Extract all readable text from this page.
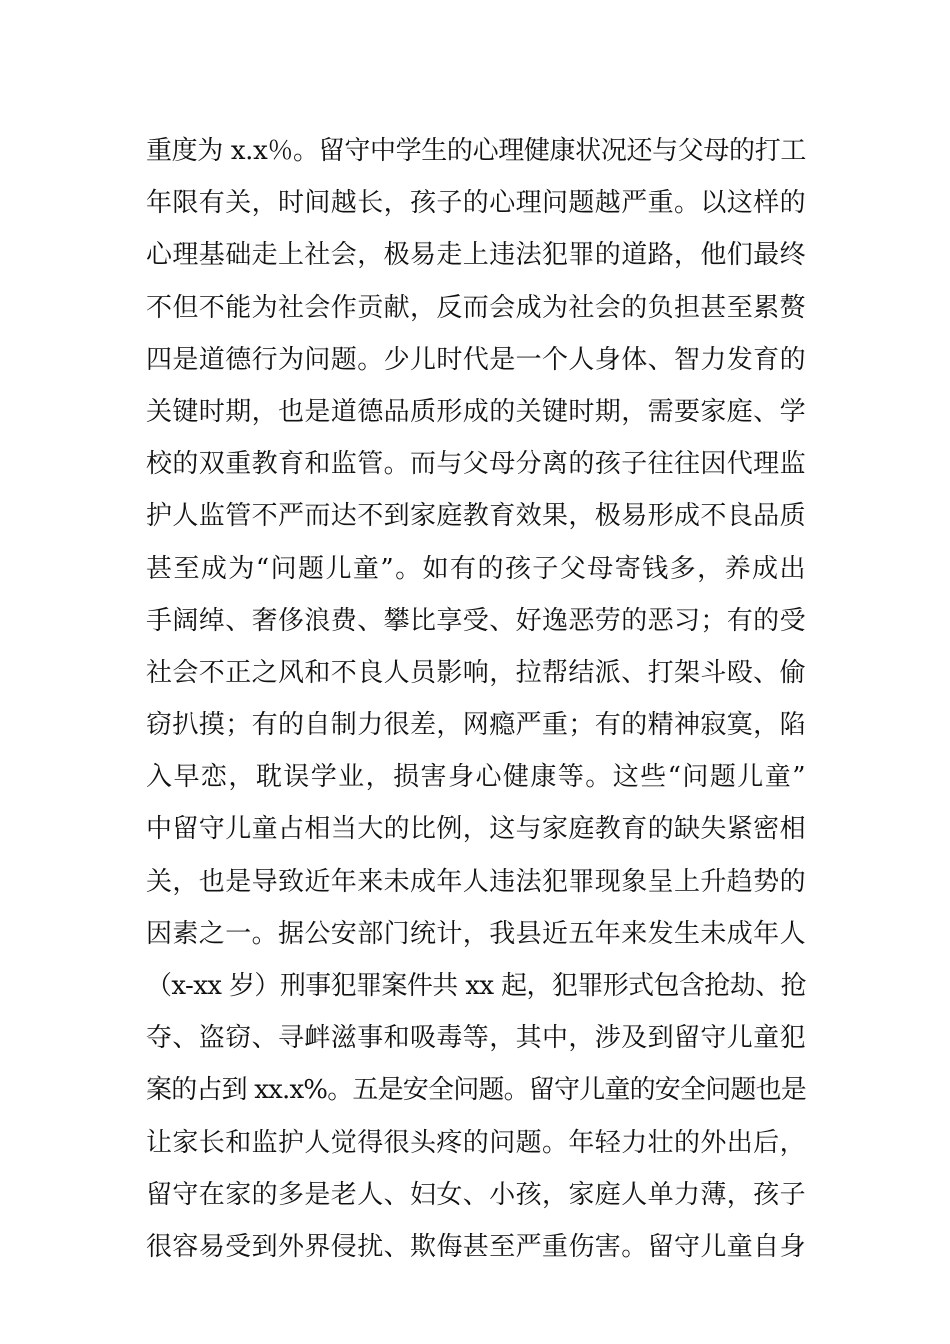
重度为 x.x％。留守中学生的心理健康状况还与父母的打工
年限有关，时间越长，孩子的心理问题越严重。以这样的
心理基础走上社会，极易走上违法犯罪的道路，他们最终
不但不能为社会作贡献，反而会成为社会的负担甚至累赘
四是道德行为问题。少儿时代是一个人身体、智力发育的
关键时期，也是道德品质形成的关键时期，需要家庭、学
校的双重教育和监管。而与父母分离的孩子往往因代理监
护人监管不严而达不到家庭教育效果，极易形成不良品质
甚至成为“问题儿童”。如有的孩子父母寄钱多，养成出
手阔绰、奢侈浪费、攀比享受、好逸恶劳的恶习；有的受
社会不正之风和不良人员影响，拉帮结派、打架斗殴、偷
窃扒摸；有的自制力很差，网瘾严重；有的精神寂寞，陷
入早恋，耽误学业，损害身心健康等。这些“问题儿童”
中留守儿童占相当大的比例，这与家庭教育的缺失紧密相
关，也是导致近年来未成年人违法犯罪现象呈上升趋势的
因素之一。据公安部门统计，我县近五年来发生未成年人
（x-xx 岁）刑事犯罪案件共 xx 起，犯罪形式包含抢劫、抢
夺、盗窃、寻衅滋事和吸毒等，其中，涉及到留守儿童犯
案的占到 xx.x%。五是安全问题。留守儿童的安全问题也是
让家长和监护人觉得很头疼的问题。年轻力壮的外出后，
留守在家的多是老人、妇女、小孩，家庭人单力薄，孩子
很容易受到外界侵扰、欺侮甚至严重伤害。留守儿童自身
